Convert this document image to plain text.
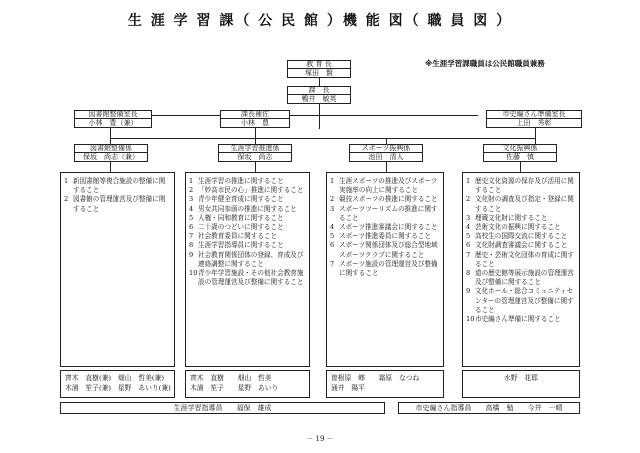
生 涯 学 習 課（ 公 民 館 ）機 能 図（ 職 員 図 ）
※生涯学習課職員は公民館職員兼務
教 育 長
塚田　賢
課　長
鴨井　敏英
図書館整備室長
小林　豊（兼）
課長補佐
小林　豊
市史編さん準備室長
上田　秀彰
図書館整備係
保坂　尚志（兼）
生涯学習推進係
保坂　尚志
スポーツ振興係
池田　清人
文化振興係
佐藤　慎
1 新図書館等複合施設の整備に関すること
2 図書館の管理運営及び整備に関すること
1 生涯学習の推進に関すること
2 「妙高市民の心」推進に関すること
3 青少年健全育成に関すること
4 男女共同参画の推進に関すること
5 人権・同和教育に関すること
6 二十歳のつどいに関すること
7 社会教育委員に関すること
8 生涯学習指導員に関すること
9 社会教育関係団体の登録、育成及び連絡調整に関すること
10 青少年学習施設・その他社会教育施設の管理運営及び整備に関すること
1 生涯スポーツの推進及びスポーツ実施率の向上に関すること
2 競技スポーツの推進に関すること
3 スポーツツーリズムの推進に関すること
4 スポーツ推進審議会に関すること
5 スポーツ推進委員に関すること
6 スポーツ関係団体及び総合型地域スポーツクラブに関すること
7 スポーツ施設の管理運営及び整備に関すること
1 歴史文化資源の保存及び活用に関すること
2 文化財の調査及び指定・登録に関すること
3 埋蔵文化財に関すること
4 芸術文化の振興に関すること
5 高校生の国際交流に関すること
6 文化財調査審議会に関すること
7 歴史・芸術文化団体の育成に関すること
8 道の歴史館等展示施設の管理運営及び整備に関すること
9 文化ホール・総合コミュニティセンターの管理運営及び整備に関すること
10 市史編さん準備に関すること
齊木　直樹(兼)　畑山　哲美(兼)
木浦　笙子(兼)　星野　あいり(兼)
齊木　直樹　　畑山　哲美
木浦　笙子　　星野　あいり
曽根原　鄉　　霜原　なつね
涌井　陽平
水野　花耶
生涯学習指導員　　福保　雄成	市史編さん指導員　　高橋　勉　　今井　一晴
－ 19 －
